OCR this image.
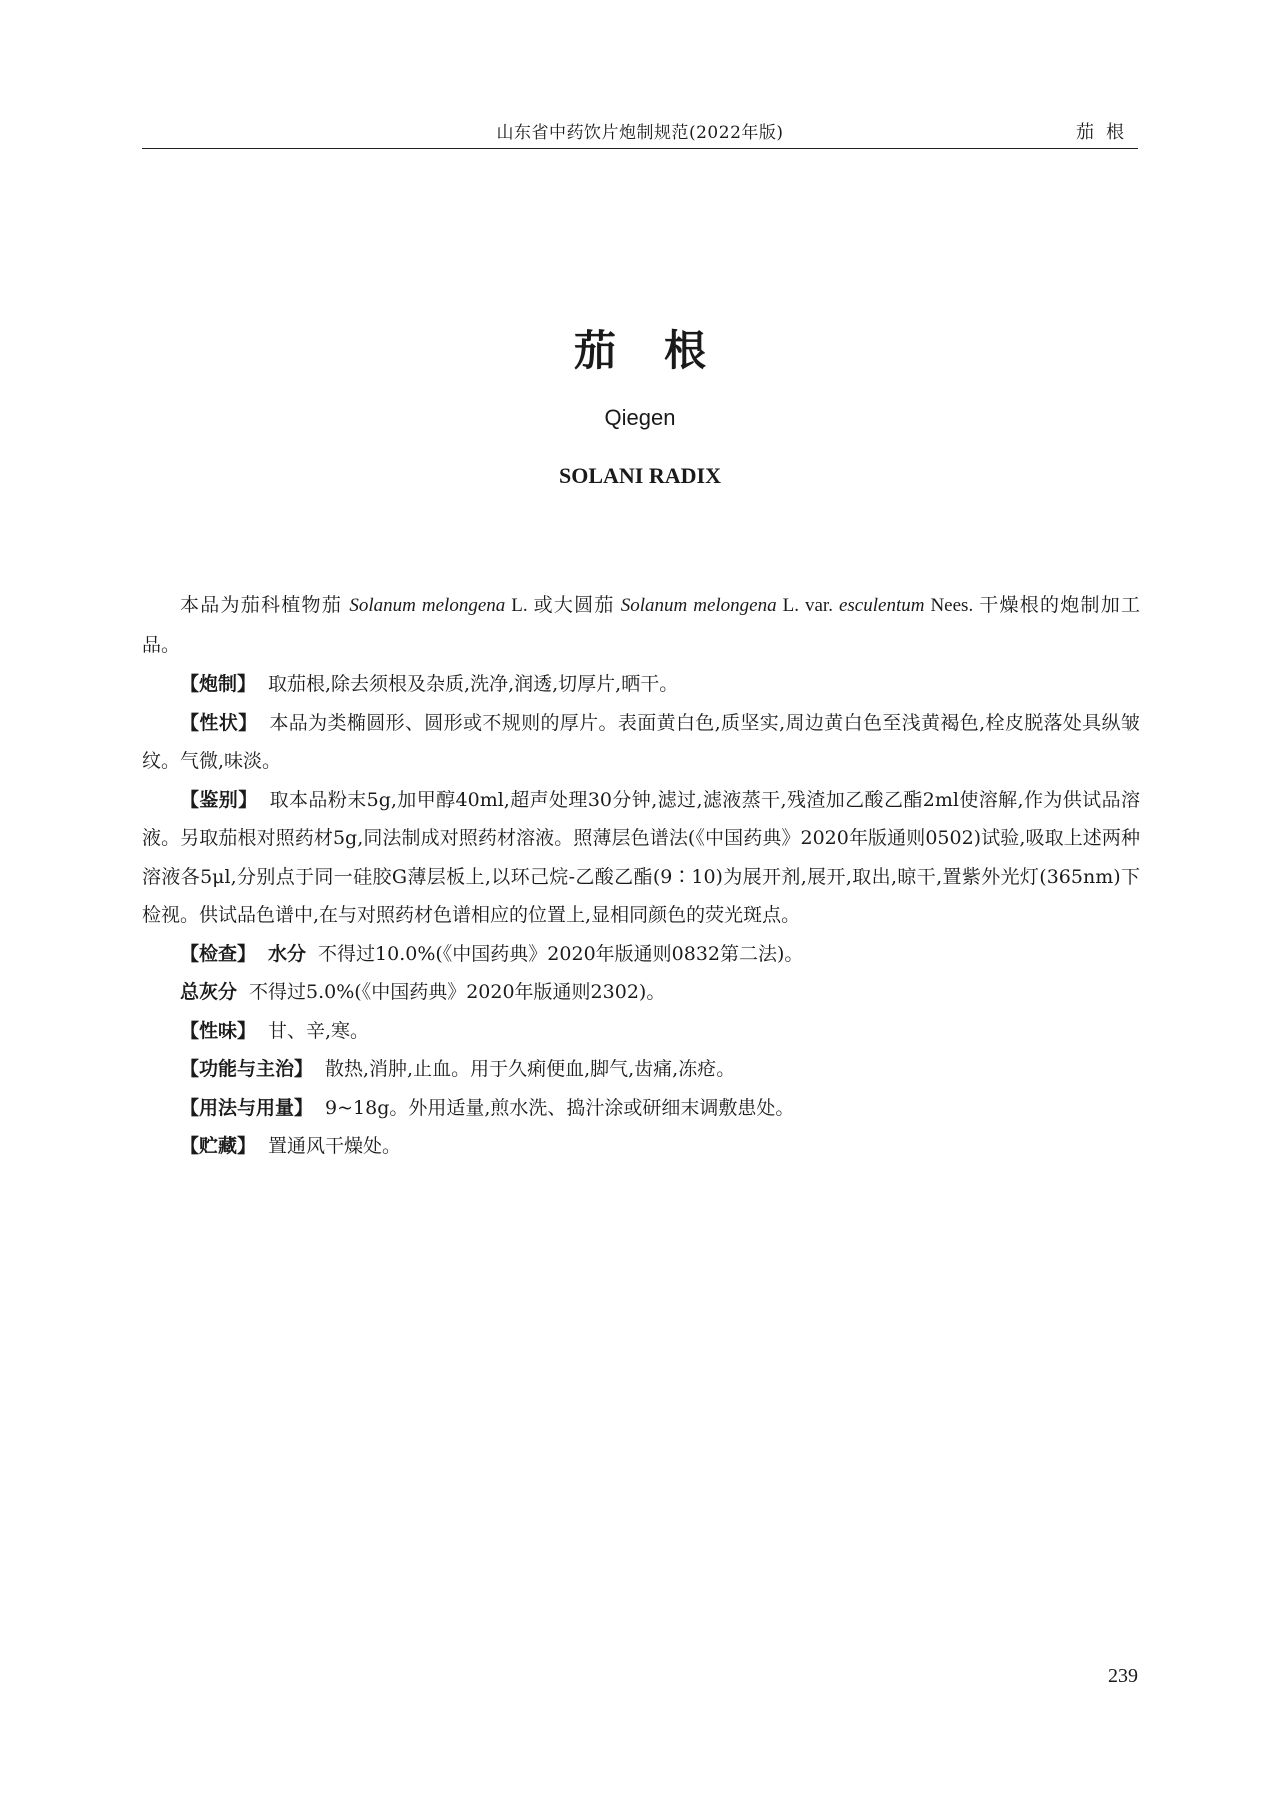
山东省中药饮片炮制规范(2022年版)	茄根
茄根
Qiegen
SOLANI RADIX

本品为茄科植物茄 Solanum melongena L. 或大圆茄 Solanum melongena L. var. esculentum Nees. 干燥根的炮制加工品。

【炮制】 取茄根,除去须根及杂质,洗净,润透,切厚片,晒干。

【性状】 本品为类椭圆形、圆形或不规则的厚片。表面黄白色,质坚实,周边黄白色至浅黄褐色,栓皮脱落处具纵皱纹。气微,味淡。

【鉴别】 取本品粉末5g,加甲醇40ml,超声处理30分钟,滤过,滤液蒸干,残渣加乙酸乙酯2ml使溶解,作为供试品溶液。另取茄根对照药材5g,同法制成对照药材溶液。照薄层色谱法(《中国药典》2020年版通则0502)试验,吸取上述两种溶液各5μl,分别点于同一硅胶G薄层板上,以环己烷-乙酸乙酯(9∶10)为展开剂,展开,取出,晾干,置紫外光灯(365nm)下检视。供试品色谱中,在与对照药材色谱相应的位置上,显相同颜色的荧光斑点。

【检查】 水分 不得过10.0%(《中国药典》2020年版通则0832第二法)。

总灰分 不得过5.0%(《中国药典》2020年版通则2302)。

【性味】 甘、辛,寒。

【功能与主治】 散热,消肿,止血。用于久痢便血,脚气,齿痛,冻疮。

【用法与用量】 9~18g。外用适量,煎水洗、捣汁涂或研细末调敷患处。

【贮藏】 置通风干燥处。

239
